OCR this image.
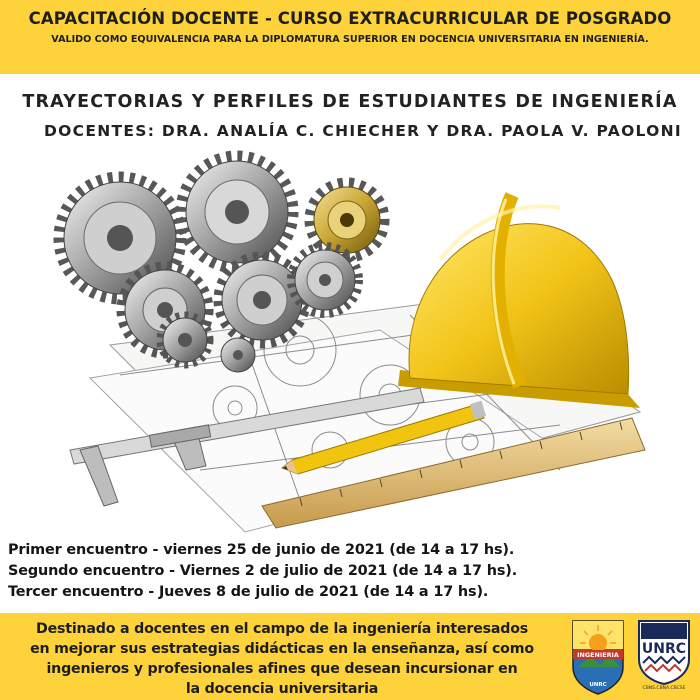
CAPACITACIÓN DOCENTE - CURSO EXTRACURRICULAR DE POSGRADO
VALIDO COMO EQUIVALENCIA PARA LA DIPLOMATURA SUPERIOR EN DOCENCIA UNIVERSITARIA EN INGENIERÍA.
TRAYECTORIAS Y PERFILES DE ESTUDIANTES DE INGENIERÍA
DOCENTES: DRA. ANALÍA C. CHIECHER Y DRA. PAOLA V. PAOLONI
Primer encuentro - viernes 25 de junio de 2021 (de 14 a 17 hs).
Segundo encuentro - Viernes 2 de julio de 2021 (de 14 a 17 hs).
Tercer encuentro - Jueves 8 de julio de 2021 (de 14 a 17 hs).
Destinado a docentes en el campo de la ingeniería interesados
en mejorar sus estrategias didácticas en la enseñanza, así como
ingenieros y profesionales afines que desean incursionar en
la docencia universitaria
INGENIERIA
UNRC
UNRC
CBNS.CBNA.CBCSE
